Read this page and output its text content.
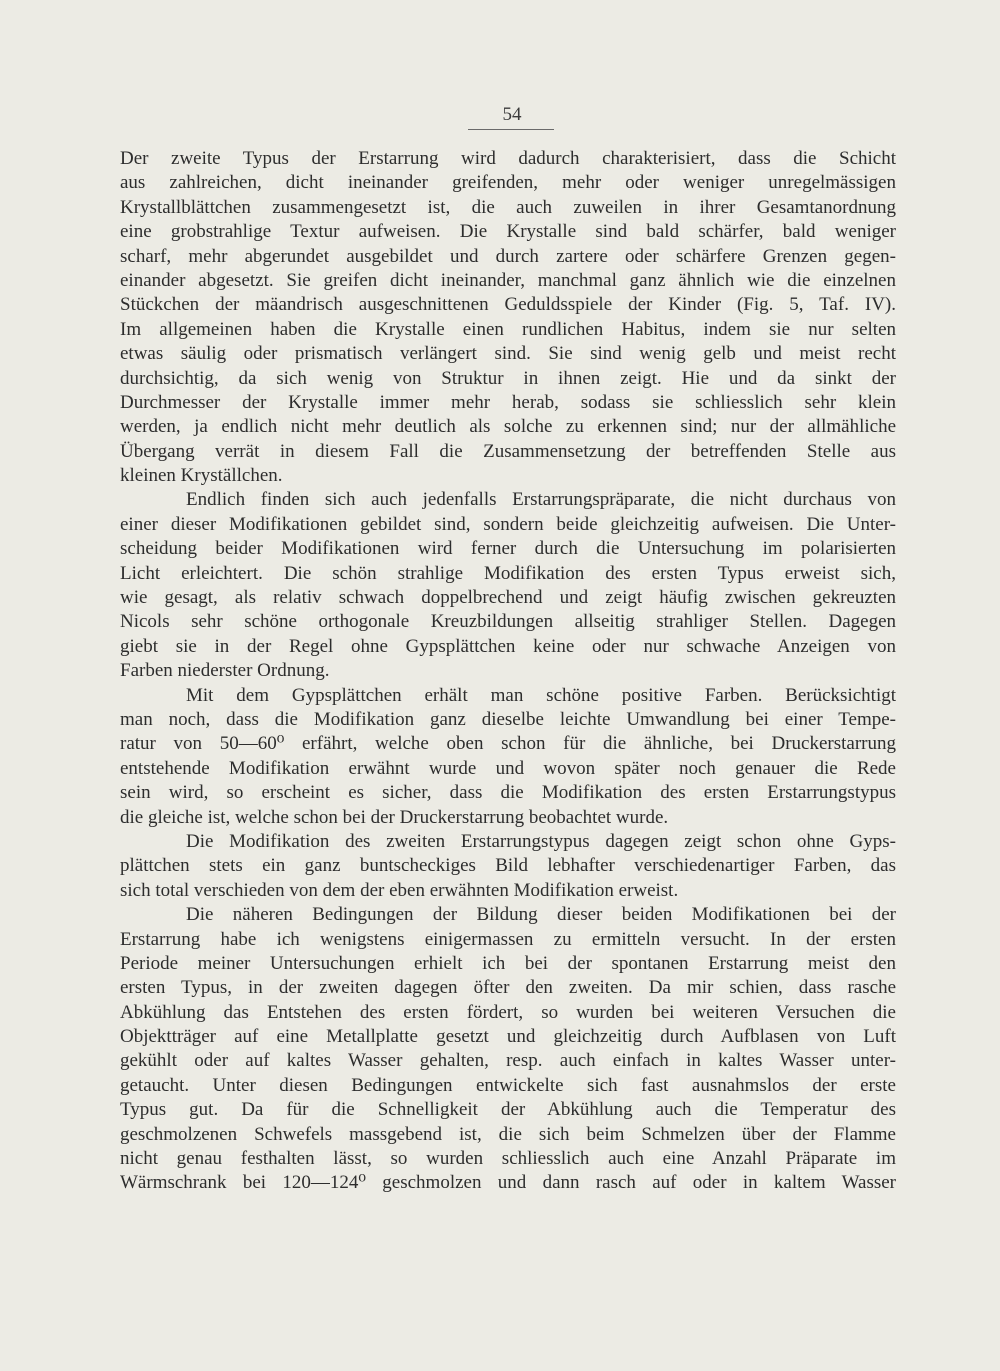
54
Der zweite Typus der Erstarrung wird dadurch charakterisiert, dass die Schicht
aus zahlreichen, dicht ineinander greifenden, mehr oder weniger unregelmässigen
Krystallblättchen zusammengesetzt ist, die auch zuweilen in ihrer Gesamtanordnung
eine grobstrahlige Textur aufweisen. Die Krystalle sind bald schärfer, bald weniger
scharf, mehr abgerundet ausgebildet und durch zartere oder schärfere Grenzen gegen-
einander abgesetzt. Sie greifen dicht ineinander, manchmal ganz ähnlich wie die einzelnen
Stückchen der mäandrisch ausgeschnittenen Geduldsspiele der Kinder (Fig. 5, Taf. IV).
Im allgemeinen haben die Krystalle einen rundlichen Habitus, indem sie nur selten
etwas säulig oder prismatisch verlängert sind. Sie sind wenig gelb und meist recht
durchsichtig, da sich wenig von Struktur in ihnen zeigt. Hie und da sinkt der
Durchmesser der Krystalle immer mehr herab, sodass sie schliesslich sehr klein
werden, ja endlich nicht mehr deutlich als solche zu erkennen sind; nur der allmähliche
Übergang verrät in diesem Fall die Zusammensetzung der betreffenden Stelle aus
kleinen Kryställchen.
Endlich finden sich auch jedenfalls Erstarrungspräparate, die nicht durchaus von
einer dieser Modifikationen gebildet sind, sondern beide gleichzeitig aufweisen. Die Unter-
scheidung beider Modifikationen wird ferner durch die Untersuchung im polarisierten
Licht erleichtert. Die schön strahlige Modifikation des ersten Typus erweist sich,
wie gesagt, als relativ schwach doppelbrechend und zeigt häufig zwischen gekreuzten
Nicols sehr schöne orthogonale Kreuzbildungen allseitig strahliger Stellen. Dagegen
giebt sie in der Regel ohne Gypsplättchen keine oder nur schwache Anzeigen von
Farben niederster Ordnung.
Mit dem Gypsplättchen erhält man schöne positive Farben. Berücksichtigt
man noch, dass die Modifikation ganz dieselbe leichte Umwandlung bei einer Tempe-
ratur von 50—60⁰ erfährt, welche oben schon für die ähnliche, bei Druckerstarrung
entstehende Modifikation erwähnt wurde und wovon später noch genauer die Rede
sein wird, so erscheint es sicher, dass die Modifikation des ersten Erstarrungstypus
die gleiche ist, welche schon bei der Druckerstarrung beobachtet wurde.
Die Modifikation des zweiten Erstarrungstypus dagegen zeigt schon ohne Gyps-
plättchen stets ein ganz buntscheckiges Bild lebhafter verschiedenartiger Farben, das
sich total verschieden von dem der eben erwähnten Modifikation erweist.
Die näheren Bedingungen der Bildung dieser beiden Modifikationen bei der
Erstarrung habe ich wenigstens einigermassen zu ermitteln versucht. In der ersten
Periode meiner Untersuchungen erhielt ich bei der spontanen Erstarrung meist den
ersten Typus, in der zweiten dagegen öfter den zweiten. Da mir schien, dass rasche
Abkühlung das Entstehen des ersten fördert, so wurden bei weiteren Versuchen die
Objektträger auf eine Metallplatte gesetzt und gleichzeitig durch Aufblasen von Luft
gekühlt oder auf kaltes Wasser gehalten, resp. auch einfach in kaltes Wasser unter-
getaucht. Unter diesen Bedingungen entwickelte sich fast ausnahmslos der erste
Typus gut. Da für die Schnelligkeit der Abkühlung auch die Temperatur des
geschmolzenen Schwefels massgebend ist, die sich beim Schmelzen über der Flamme
nicht genau festhalten lässt, so wurden schliesslich auch eine Anzahl Präparate im
Wärmschrank bei 120—124⁰ geschmolzen und dann rasch auf oder in kaltem Wasser
